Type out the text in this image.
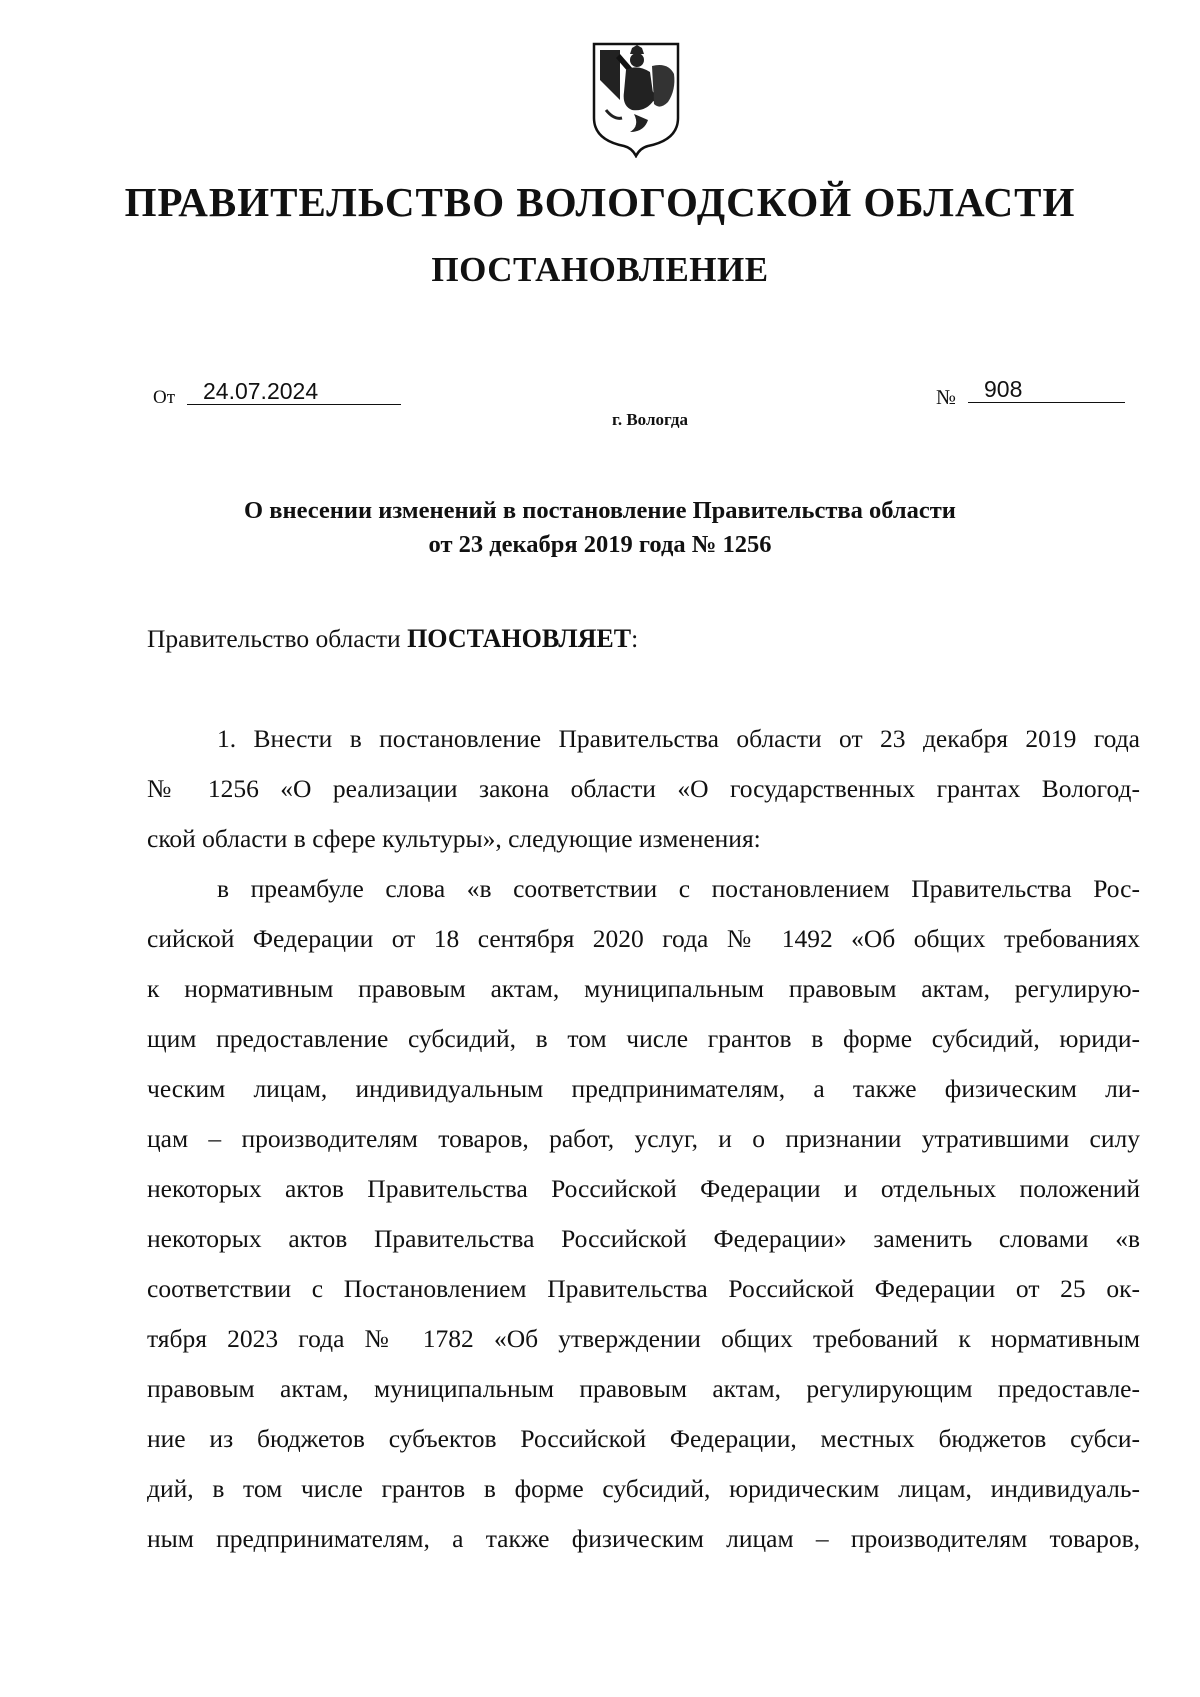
ПРАВИТЕЛЬСТВО ВОЛОГОДСКОЙ ОБЛАСТИ
ПОСТАНОВЛЕНИЕ
От	24.07.2024	№	908
г. Вологда
О внесении изменений в постановление Правительства области
от 23 декабря 2019 года № 1256
Правительство области ПОСТАНОВЛЯЕТ:
1. Внести в постановление Правительства области от 23 декабря 2019 года
№ 1256 «О реализации закона области «О государственных грантах Вологод-
ской области в сфере культуры», следующие изменения:
в преамбуле слова «в соответствии с постановлением Правительства Рос-
сийской Федерации от 18 сентября 2020 года № 1492 «Об общих требованиях
к нормативным правовым актам, муниципальным правовым актам, регулирую-
щим предоставление субсидий, в том числе грантов в форме субсидий, юриди-
ческим лицам, индивидуальным предпринимателям, а также физическим ли-
цам – производителям товаров, работ, услуг, и о признании утратившими силу
некоторых актов Правительства Российской Федерации и отдельных положений
некоторых актов Правительства Российской Федерации» заменить словами «в
соответствии с Постановлением Правительства Российской Федерации от 25 ок-
тября 2023 года № 1782 «Об утверждении общих требований к нормативным
правовым актам, муниципальным правовым актам, регулирующим предоставле-
ние из бюджетов субъектов Российской Федерации, местных бюджетов субси-
дий, в том числе грантов в форме субсидий, юридическим лицам, индивидуаль-
ным предпринимателям, а также физическим лицам – производителям товаров,
